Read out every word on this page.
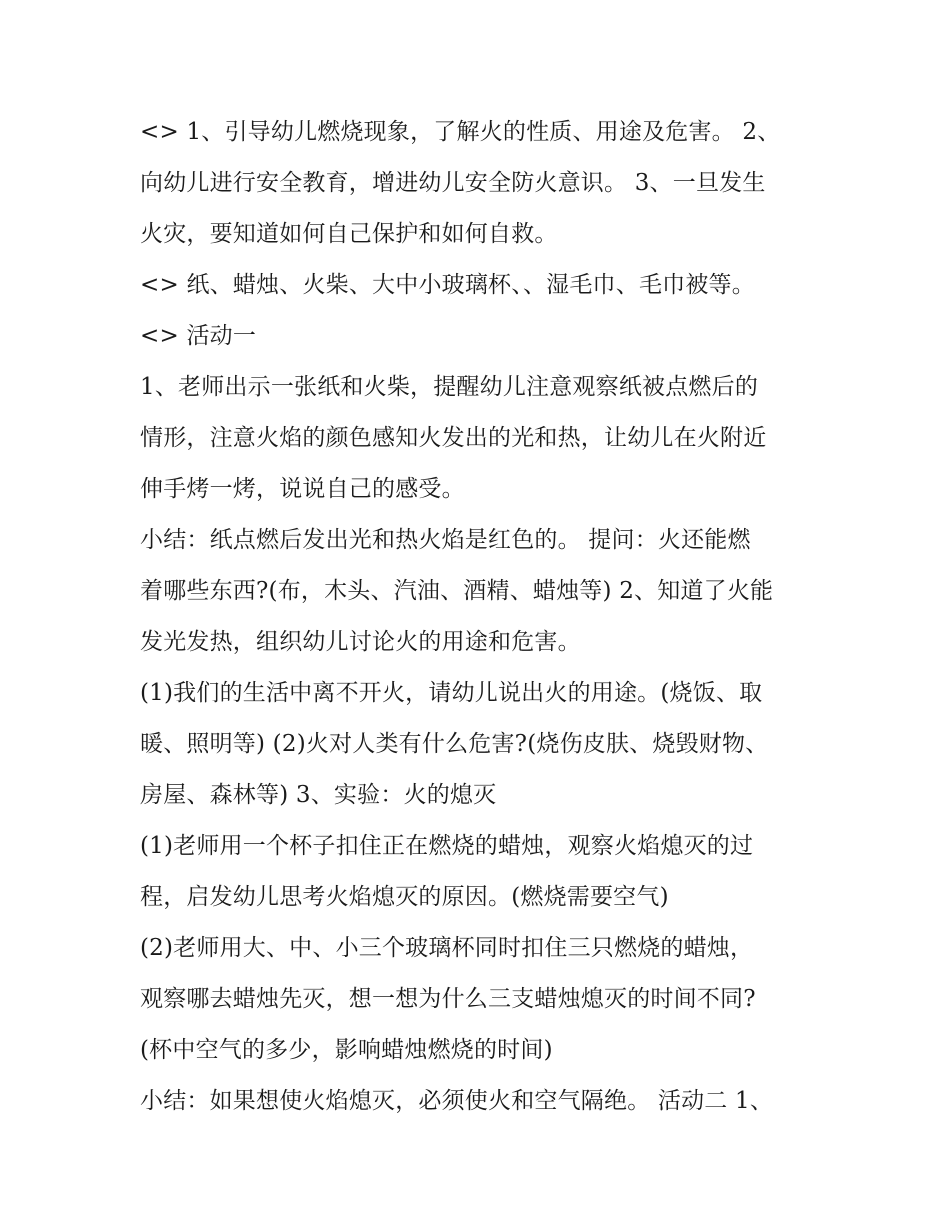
<> 1、引导幼儿燃烧现象，了解火的性质、用途及危害。 2、
向幼儿进行安全教育，增进幼儿安全防火意识。 3、一旦发生
火灾，要知道如何自己保护和如何自救。
<> 纸、蜡烛、火柴、大中小玻璃杯、、湿毛巾、毛巾被等。
<> 活动一
1、老师出示一张纸和火柴，提醒幼儿注意观察纸被点燃后的
情形，注意火焰的颜色感知火发出的光和热，让幼儿在火附近
伸手烤一烤，说说自己的感受。
小结：纸点燃后发出光和热火焰是红色的。 提问：火还能燃
着哪些东西?(布，木头、汽油、酒精、蜡烛等) 2、知道了火能
发光发热，组织幼儿讨论火的用途和危害。
(1)我们的生活中离不开火，请幼儿说出火的用途。(烧饭、取
暖、照明等) (2)火对人类有什么危害?(烧伤皮肤、烧毁财物、
房屋、森林等) 3、实验：火的熄灭
(1)老师用一个杯子扣住正在燃烧的蜡烛，观察火焰熄灭的过
程，启发幼儿思考火焰熄灭的原因。(燃烧需要空气)
(2)老师用大、中、小三个玻璃杯同时扣住三只燃烧的蜡烛，
观察哪去蜡烛先灭，想一想为什么三支蜡烛熄灭的时间不同?
(杯中空气的多少，影响蜡烛燃烧的时间)
小结：如果想使火焰熄灭，必须使火和空气隔绝。 活动二 1、
